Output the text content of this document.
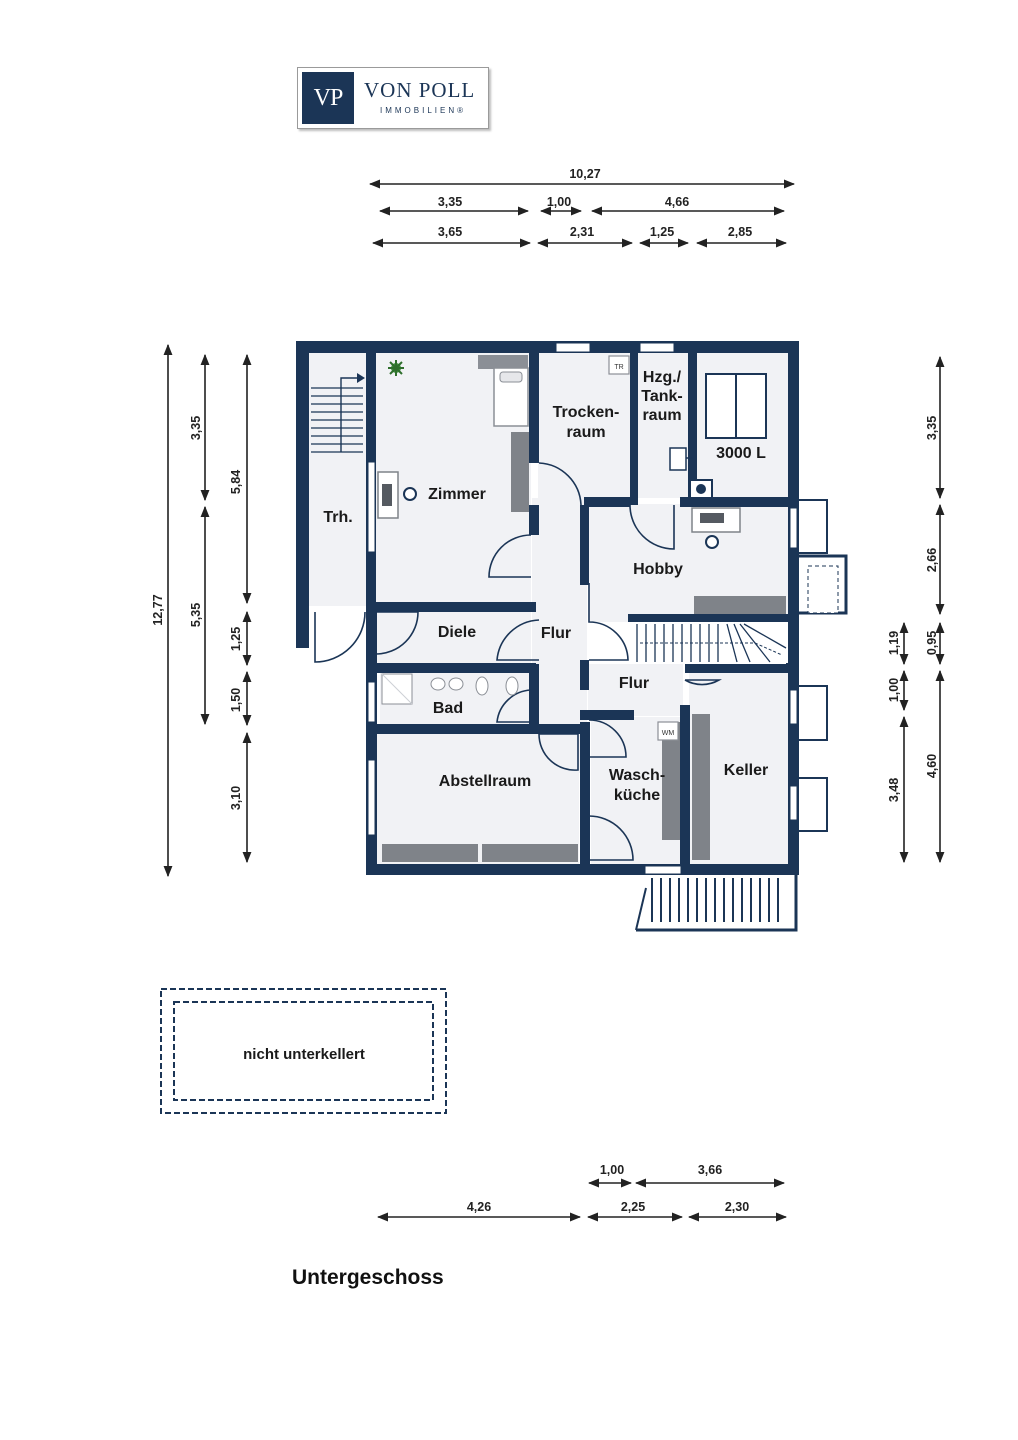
VP	VON POLL
IMMOBILIEN®
10,27
3,35	1,00	4,66
3,65	2,31	1,25	2,85
12,77
3,35
5,35
5,84
1,25
1,50
3,10
1,19
1,00
3,48
3,35
2,66
0,95
4,60
1,00	3,66
4,26	2,25	2,30
TR
WM
Trh.
Zimmer
Trocken-
raum
Hzg./
Tank-
raum
3000 L
Hobby
Diele	Flur
Flur
Bad
Abstellraum	Wasch-
küche
Keller
nicht unterkellert
Untergeschoss
